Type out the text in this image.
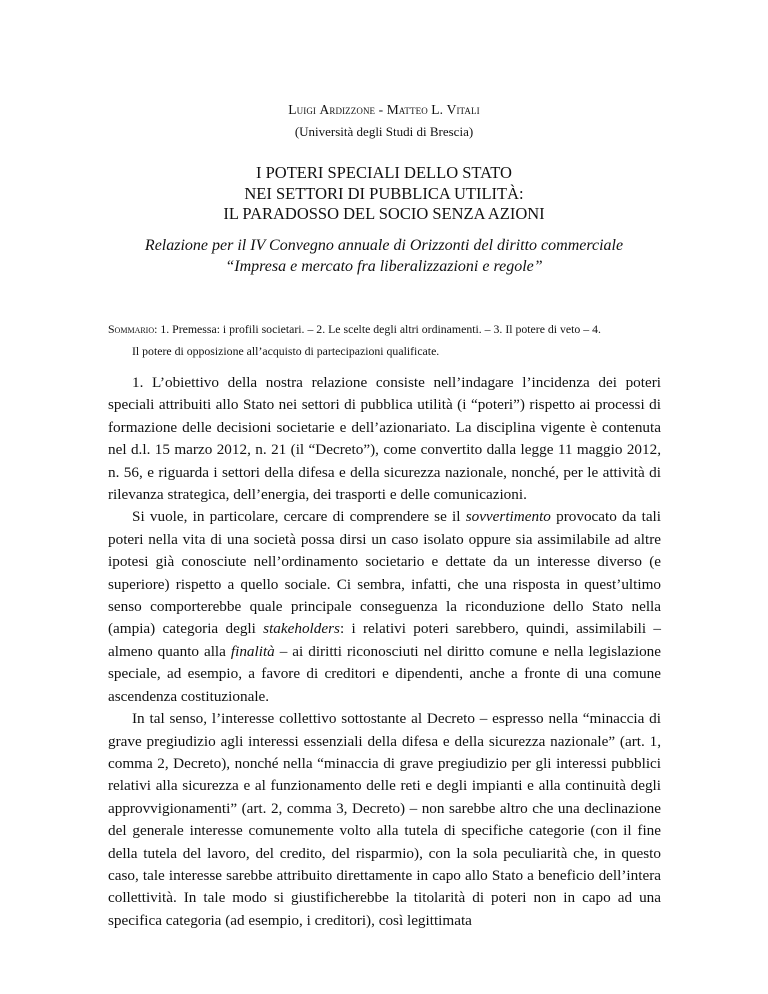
Luigi Ardizzone - Matteo L. Vitali
(Università degli Studi di Brescia)
I POTERI SPECIALI DELLO STATO
NEI SETTORI DI PUBBLICA UTILITÀ:
IL PARADOSSO DEL SOCIO SENZA AZIONI
Relazione per il IV Convegno annuale di Orizzonti del diritto commerciale
“Impresa e mercato fra liberalizzazioni e regole”
Sommario: 1. Premessa: i profili societari. – 2. Le scelte degli altri ordinamenti. – 3. Il potere di veto – 4.
Il potere di opposizione all’acquisto di partecipazioni qualificate.

1. L’obiettivo della nostra relazione consiste nell’indagare l’incidenza dei poteri speciali attribuiti allo Stato nei settori di pubblica utilità (i “poteri”) rispetto ai processi di formazione delle decisioni societarie e dell’azionariato. La disciplina vigente è contenuta nel d.l. 15 marzo 2012, n. 21 (il “Decreto”), come convertito dalla legge 11 maggio 2012, n. 56, e riguarda i settori della difesa e della sicurezza nazionale, nonché, per le attività di rilevanza strategica, dell’energia, dei trasporti e delle comunicazioni.

Si vuole, in particolare, cercare di comprendere se il sovvertimento provocato da tali poteri nella vita di una società possa dirsi un caso isolato oppure sia assimilabile ad altre ipotesi già conosciute nell’ordinamento societario e dettate da un interesse diverso (e superiore) rispetto a quello sociale. Ci sembra, infatti, che una risposta in quest’ultimo senso comporterebbe quale principale conseguenza la riconduzione dello Stato nella (ampia) categoria degli stakeholders: i relativi poteri sarebbero, quindi, assimilabili – almeno quanto alla finalità – ai diritti riconosciuti nel diritto comune e nella legislazione speciale, ad esempio, a favore di creditori e dipendenti, anche a fronte di una comune ascendenza costituzionale.

In tal senso, l’interesse collettivo sottostante al Decreto – espresso nella “minaccia di grave pregiudizio agli interessi essenziali della difesa e della sicurezza nazionale” (art. 1, comma 2, Decreto), nonché nella “minaccia di grave pregiudizio per gli interessi pubblici relativi alla sicurezza e al funzionamento delle reti e degli impianti e alla continuità degli approvvigionamenti” (art. 2, comma 3, Decreto) – non sarebbe altro che una declinazione del generale interesse comunemente volto alla tutela di specifiche categorie (con il fine della tutela del lavoro, del credito, del risparmio), con la sola peculiarità che, in questo caso, tale interesse sarebbe attribuito direttamente in capo allo Stato a beneficio dell’intera collettività. In tale modo si giustificherebbe la titolarità di poteri non in capo ad una specifica categoria (ad esempio, i creditori), così legittimata
